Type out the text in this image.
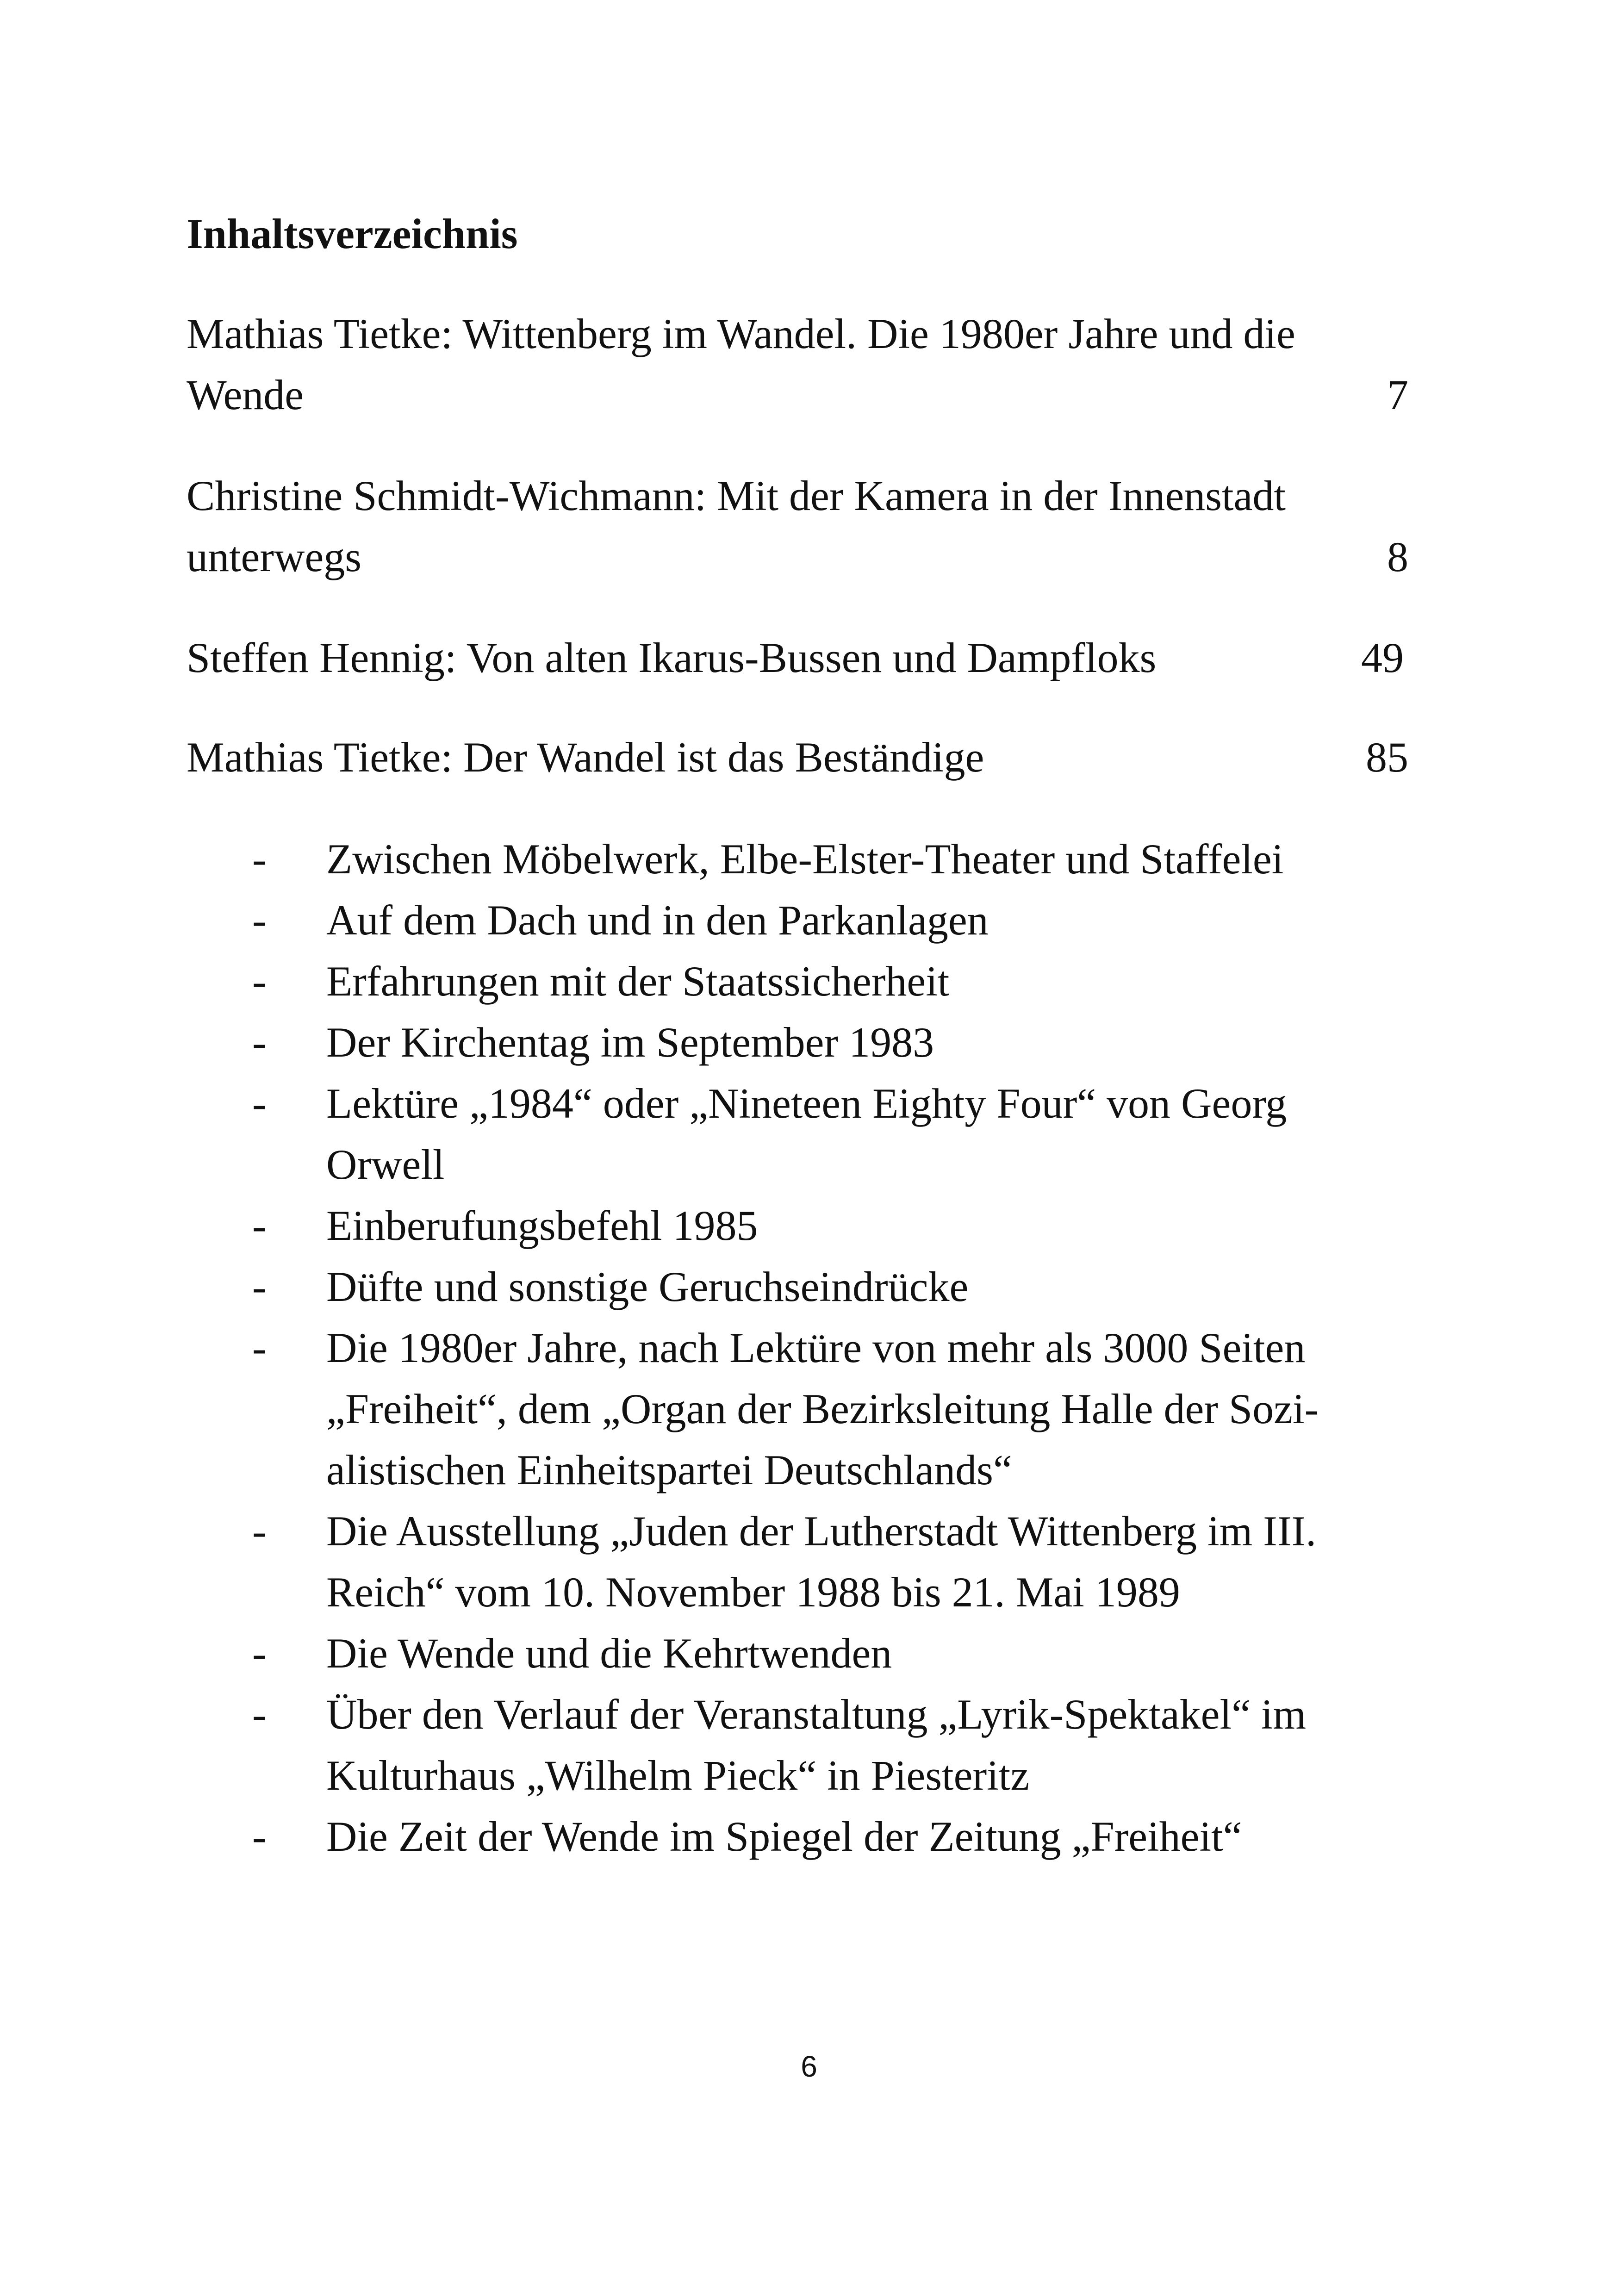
Inhaltsverzeichnis
Mathias Tietke: Wittenberg im Wandel. Die 1980er Jahre und die Wende	7
Christine Schmidt-Wichmann: Mit der Kamera in der Innenstadt unterwegs	8
Steffen Hennig: Von alten Ikarus-Bussen und Dampfloks	49
Mathias Tietke: Der Wandel ist das Beständige	85
- Zwischen Möbelwerk, Elbe-Elster-Theater und Staffelei
- Auf dem Dach und in den Parkanlagen
- Erfahrungen mit der Staatssicherheit
- Der Kirchentag im September 1983
- Lektüre „1984“ oder „Nineteen Eighty Four“ von Georg Orwell
- Einberufungsbefehl 1985
- Düfte und sonstige Geruchseindrücke
- Die 1980er Jahre, nach Lektüre von mehr als 3000 Seiten „Freiheit“, dem „Organ der Bezirksleitung Halle der Sozi-alistischen Einheitspartei Deutschlands“
- Die Ausstellung „Juden der Lutherstadt Wittenberg im III. Reich“ vom 10. November 1988 bis 21. Mai 1989
- Die Wende und die Kehrtwenden
- Über den Verlauf der Veranstaltung „Lyrik-Spektakel“ im Kulturhaus „Wilhelm Pieck“ in Piesteritz
- Die Zeit der Wende im Spiegel der Zeitung „Freiheit“
6
